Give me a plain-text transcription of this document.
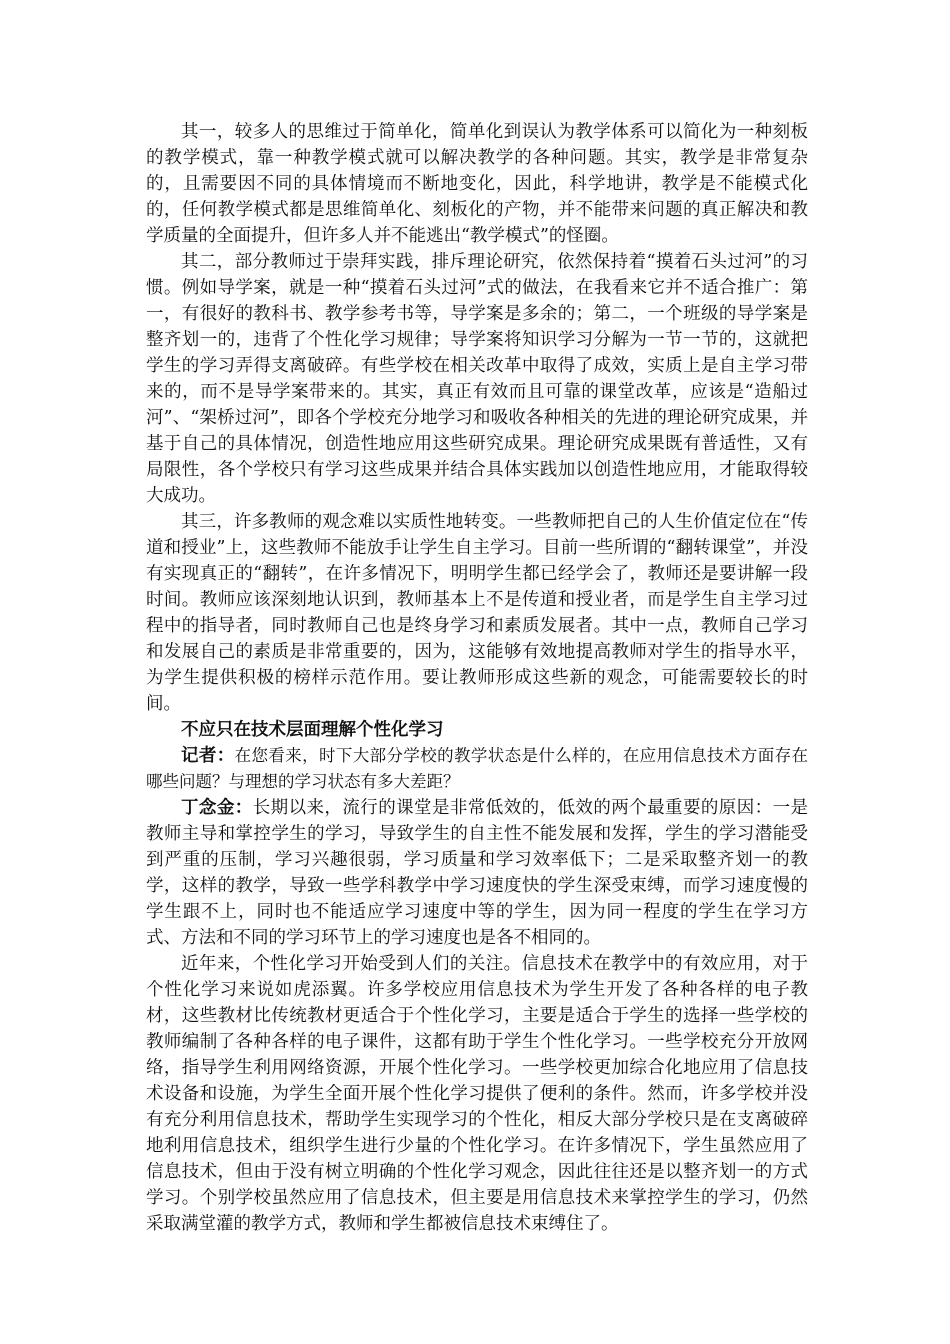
其一，较多人的思维过于简单化，简单化到误认为教学体系可以简化为一种刻板的教学模式，靠一种教学模式就可以解决教学的各种问题。其实，教学是非常复杂的，且需要因不同的具体情境而不断地变化，因此，科学地讲，教学是不能模式化的，任何教学模式都是思维简单化、刻板化的产物，并不能带来问题的真正解决和教学质量的全面提升，但许多人并不能逃出“教学模式”的怪圈。

其二，部分教师过于崇拜实践，排斥理论研究，依然保持着“摸着石头过河”的习惯。例如导学案，就是一种“摸着石头过河”式的做法，在我看来它并不适合推广：第一，有很好的教科书、教学参考书等，导学案是多余的；第二，一个班级的导学案是整齐划一的，违背了个性化学习规律；导学案将知识学习分解为一节一节的，这就把学生的学习弄得支离破碎。有些学校在相关改革中取得了成效，实质上是自主学习带来的，而不是导学案带来的。其实，真正有效而且可靠的课堂改革，应该是“造船过河”、“架桥过河”，即各个学校充分地学习和吸收各种相关的先进的理论研究成果，并基于自己的具体情况，创造性地应用这些研究成果。理论研究成果既有普适性，又有局限性，各个学校只有学习这些成果并结合具体实践加以创造性地应用，才能取得较大成功。

其三，许多教师的观念难以实质性地转变。一些教师把自己的人生价值定位在“传道和授业”上，这些教师不能放手让学生自主学习。目前一些所谓的“翻转课堂”，并没有实现真正的“翻转”，在许多情况下，明明学生都已经学会了，教师还是要讲解一段时间。教师应该深刻地认识到，教师基本上不是传道和授业者，而是学生自主学习过程中的指导者，同时教师自己也是终身学习和素质发展者。其中一点，教师自己学习和发展自己的素质是非常重要的，因为，这能够有效地提高教师对学生的指导水平，为学生提供积极的榜样示范作用。要让教师形成这些新的观念，可能需要较长的时间。

不应只在技术层面理解个性化学习

记者：在您看来，时下大部分学校的教学状态是什么样的，在应用信息技术方面存在哪些问题？与理想的学习状态有多大差距？

丁念金：长期以来，流行的课堂是非常低效的，低效的两个最重要的原因：一是教师主导和掌控学生的学习，导致学生的自主性不能发展和发挥，学生的学习潜能受到严重的压制，学习兴趣很弱，学习质量和学习效率低下；二是采取整齐划一的教学，这样的教学，导致一些学科教学中学习速度快的学生深受束缚，而学习速度慢的学生跟不上，同时也不能适应学习速度中等的学生，因为同一程度的学生在学习方式、方法和不同的学习环节上的学习速度也是各不相同的。

近年来，个性化学习开始受到人们的关注。信息技术在教学中的有效应用，对于个性化学习来说如虎添翼。许多学校应用信息技术为学生开发了各种各样的电子教材，这些教材比传统教材更适合于个性化学习，主要是适合于学生的选择一些学校的教师编制了各种各样的电子课件，这都有助于学生个性化学习。一些学校充分开放网络，指导学生利用网络资源，开展个性化学习。一些学校更加综合化地应用了信息技术设备和设施，为学生全面开展个性化学习提供了便利的条件。然而，许多学校并没有充分利用信息技术，帮助学生实现学习的个性化，相反大部分学校只是在支离破碎地利用信息技术，组织学生进行少量的个性化学习。在许多情况下，学生虽然应用了信息技术，但由于没有树立明确的个性化学习观念，因此往往还是以整齐划一的方式学习。个别学校虽然应用了信息技术，但主要是用信息技术来掌控学生的学习，仍然采取满堂灌的教学方式，教师和学生都被信息技术束缚住了。
